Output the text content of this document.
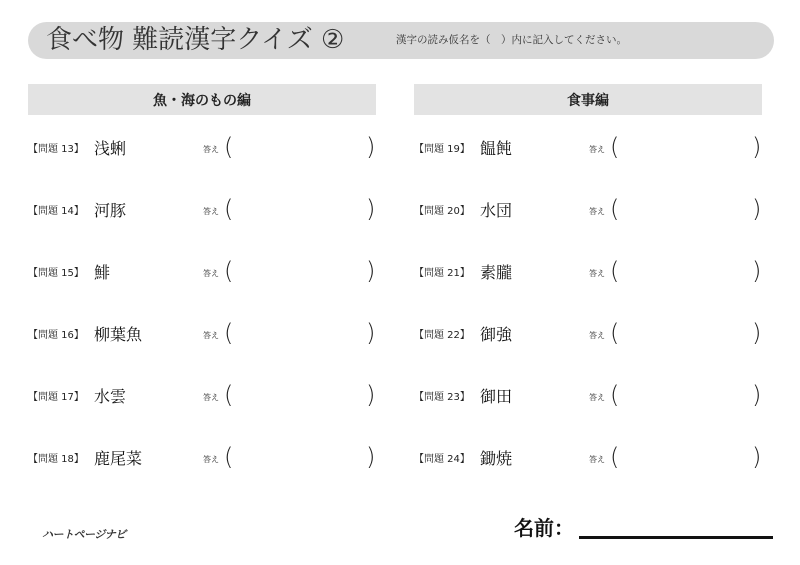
食べ物 難読漢字クイズ ②	漢字の読み仮名を（　）内に記入してください。
魚・海のもの編	食事編
【問題 13】 浅蜊	答え (	)
【問題 14】 河豚	答え (	)
【問題 15】 鯡	答え (	)
【問題 16】 柳葉魚	答え (	)
【問題 17】 水雲	答え (	)
【問題 18】 鹿尾菜	答え (	)
【問題 19】 饂飩	答え (	)
【問題 20】 水団	答え (	)
【問題 21】 素朧	答え (	)
【問題 22】 御強	答え (	)
【問題 23】 御田	答え (	)
【問題 24】 鋤焼	答え (	)
ハートページナビ	名前：
